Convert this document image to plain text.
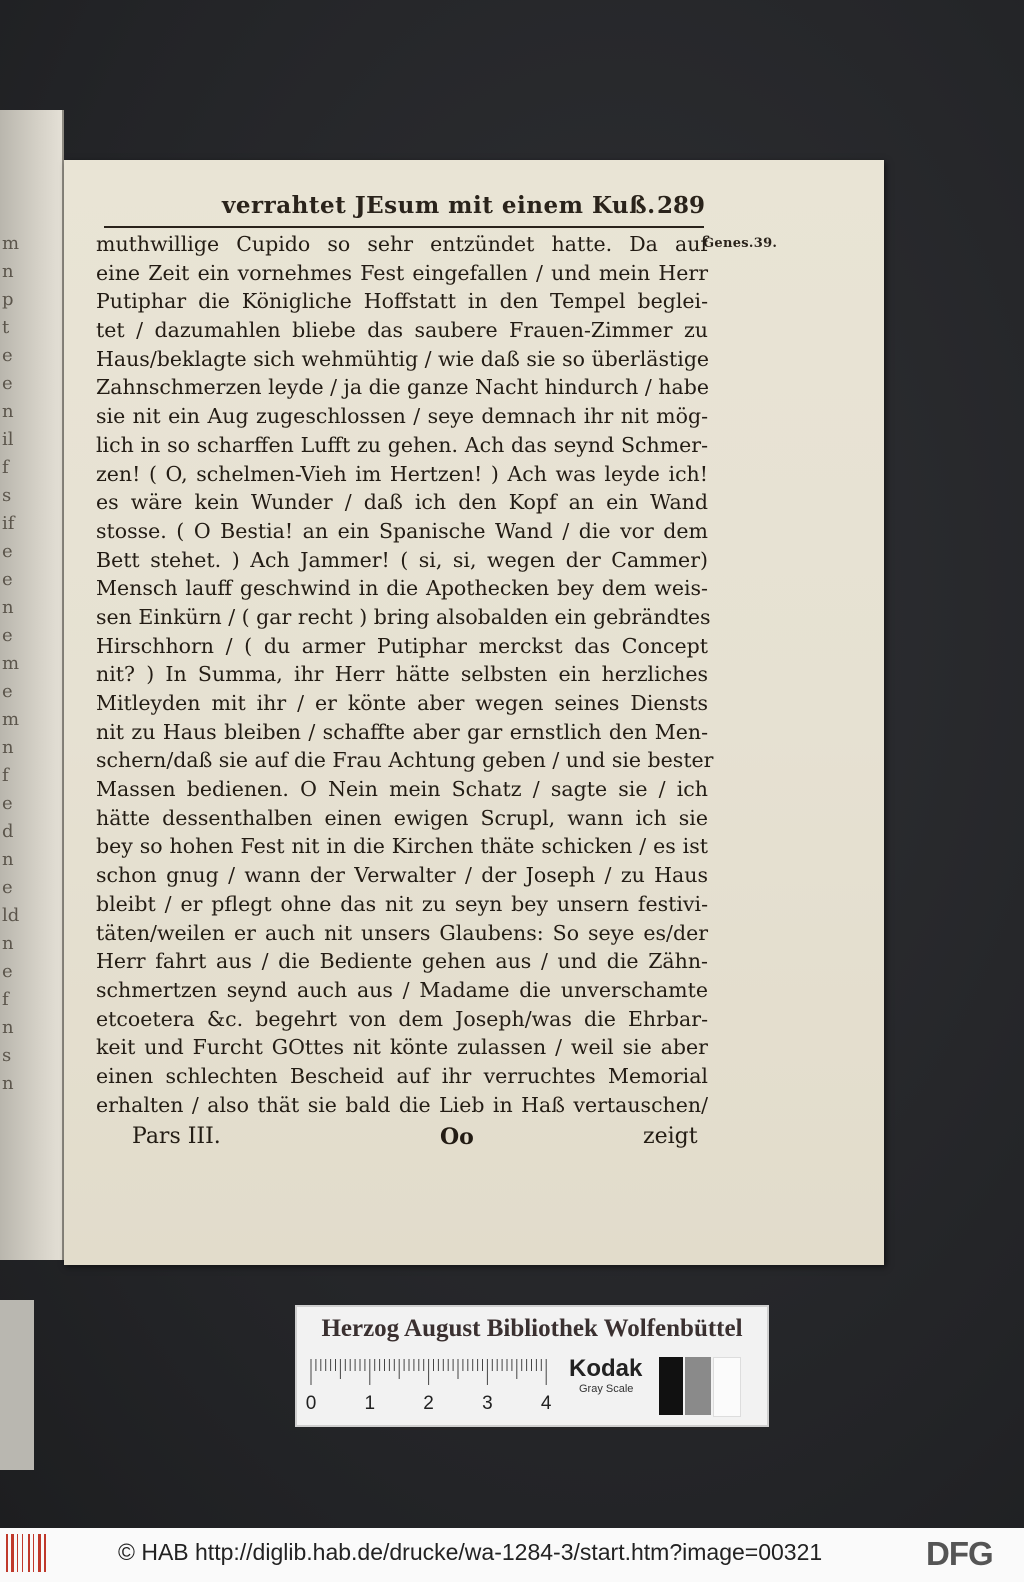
m
n
p
t
e
e
n
il
f
s
if
e
e
n
e
m
e
m
n
f
e
d
n
e
ld
n
e
f
n
s
n
verrahtet JEsum mit einem Kuß. 289
Genes.39.
muthwillige Cupido so sehr entzündet hatte. Da auf
eine Zeit ein vornehmes Fest eingefallen / und mein Herr
Putiphar die Königliche Hoffstatt in den Tempel beglei-
tet / dazumahlen bliebe das saubere Frauen-Zimmer zu
Haus/beklagte sich wehmühtig / wie daß sie so überlästige
Zahnschmerzen leyde / ja die ganze Nacht hindurch / habe
sie nit ein Aug zugeschlossen / seye demnach ihr nit mög-
lich in so scharffen Lufft zu gehen. Ach das seynd Schmer-
zen! ( O, schelmen-Vieh im Hertzen! ) Ach was leyde ich!
es wäre kein Wunder / daß ich den Kopf an ein Wand
stosse. ( O Bestia! an ein Spanische Wand / die vor dem
Bett stehet. ) Ach Jammer! ( si, si, wegen der Cammer)
Mensch lauff geschwind in die Apothecken bey dem weis-
sen Einkürn / ( gar recht ) bring alsobalden ein gebrändtes
Hirschhorn / ( du armer Putiphar merckst das Concept
nit? ) In Summa, ihr Herr hätte selbsten ein herzliches
Mitleyden mit ihr / er könte aber wegen seines Diensts
nit zu Haus bleiben / schaffte aber gar ernstlich den Men-
schern/daß sie auf die Frau Achtung geben / und sie bester
Massen bedienen. O Nein mein Schatz / sagte sie / ich
hätte dessenthalben einen ewigen Scrupl, wann ich sie
bey so hohen Fest nit in die Kirchen thäte schicken / es ist
schon gnug / wann der Verwalter / der Joseph / zu Haus
bleibt / er pflegt ohne das nit zu seyn bey unsern festivi-
täten/weilen er auch nit unsers Glaubens: So seye es/der
Herr fahrt aus / die Bediente gehen aus / und die Zähn-
schmertzen seynd auch aus / Madame die unverschamte
etcoetera &c. begehrt von dem Joseph/was die Ehrbar-
keit und Furcht GOttes nit könte zulassen / weil sie aber
einen schlechten Bescheid auf ihr verruchtes Memorial
erhalten / also thät sie bald die Lieb in Haß vertauschen/
Pars III.	Oo	zeigt
Herzog August Bibliothek Wolfenbüttel
0	1	2	3	4
Kodak
Gray Scale
© HAB http://diglib.hab.de/drucke/wa-1284-3/start.htm?image=00321	DFG
